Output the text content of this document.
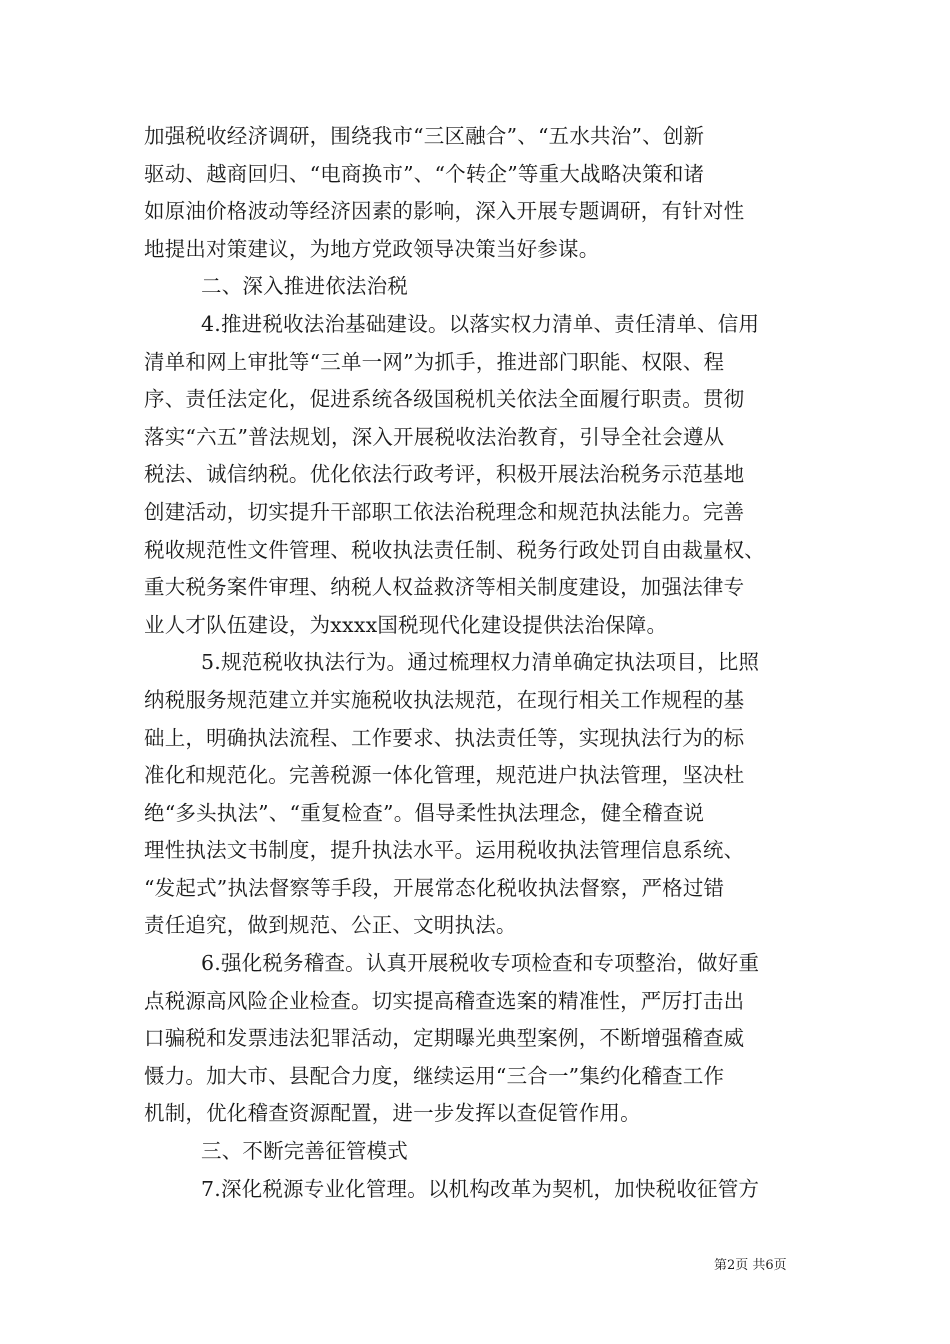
加强税收经济调研，围绕我市“三区融合”、“五水共治”、创新
驱动、越商回归、“电商换市”、“个转企”等重大战略决策和诸
如原油价格波动等经济因素的影响，深入开展专题调研，有针对性
地提出对策建议，为地方党政领导决策当好参谋。
二、深入推进依法治税
4.推进税收法治基础建设。以落实权力清单、责任清单、信用
清单和网上审批等“三单一网”为抓手，推进部门职能、权限、程
序、责任法定化，促进系统各级国税机关依法全面履行职责。贯彻
落实“六五”普法规划，深入开展税收法治教育，引导全社会遵从
税法、诚信纳税。优化依法行政考评，积极开展法治税务示范基地
创建活动，切实提升干部职工依法治税理念和规范执法能力。完善
税收规范性文件管理、税收执法责任制、税务行政处罚自由裁量权、
重大税务案件审理、纳税人权益救济等相关制度建设，加强法律专
业人才队伍建设，为xxxx国税现代化建设提供法治保障。
5.规范税收执法行为。通过梳理权力清单确定执法项目，比照
纳税服务规范建立并实施税收执法规范，在现行相关工作规程的基
础上，明确执法流程、工作要求、执法责任等，实现执法行为的标
准化和规范化。完善税源一体化管理，规范进户执法管理，坚决杜
绝“多头执法”、“重复检查”。倡导柔性执法理念，健全稽查说
理性执法文书制度，提升执法水平。运用税收执法管理信息系统、
“发起式”执法督察等手段，开展常态化税收执法督察，严格过错
责任追究，做到规范、公正、文明执法。
6.强化税务稽查。认真开展税收专项检查和专项整治，做好重
点税源高风险企业检查。切实提高稽查选案的精准性，严厉打击出
口骗税和发票违法犯罪活动，定期曝光典型案例，不断增强稽查威
慑力。加大市、县配合力度，继续运用“三合一”集约化稽查工作
机制，优化稽查资源配置，进一步发挥以查促管作用。
三、不断完善征管模式
7.深化税源专业化管理。以机构改革为契机，加快税收征管方
第2页 共6页
